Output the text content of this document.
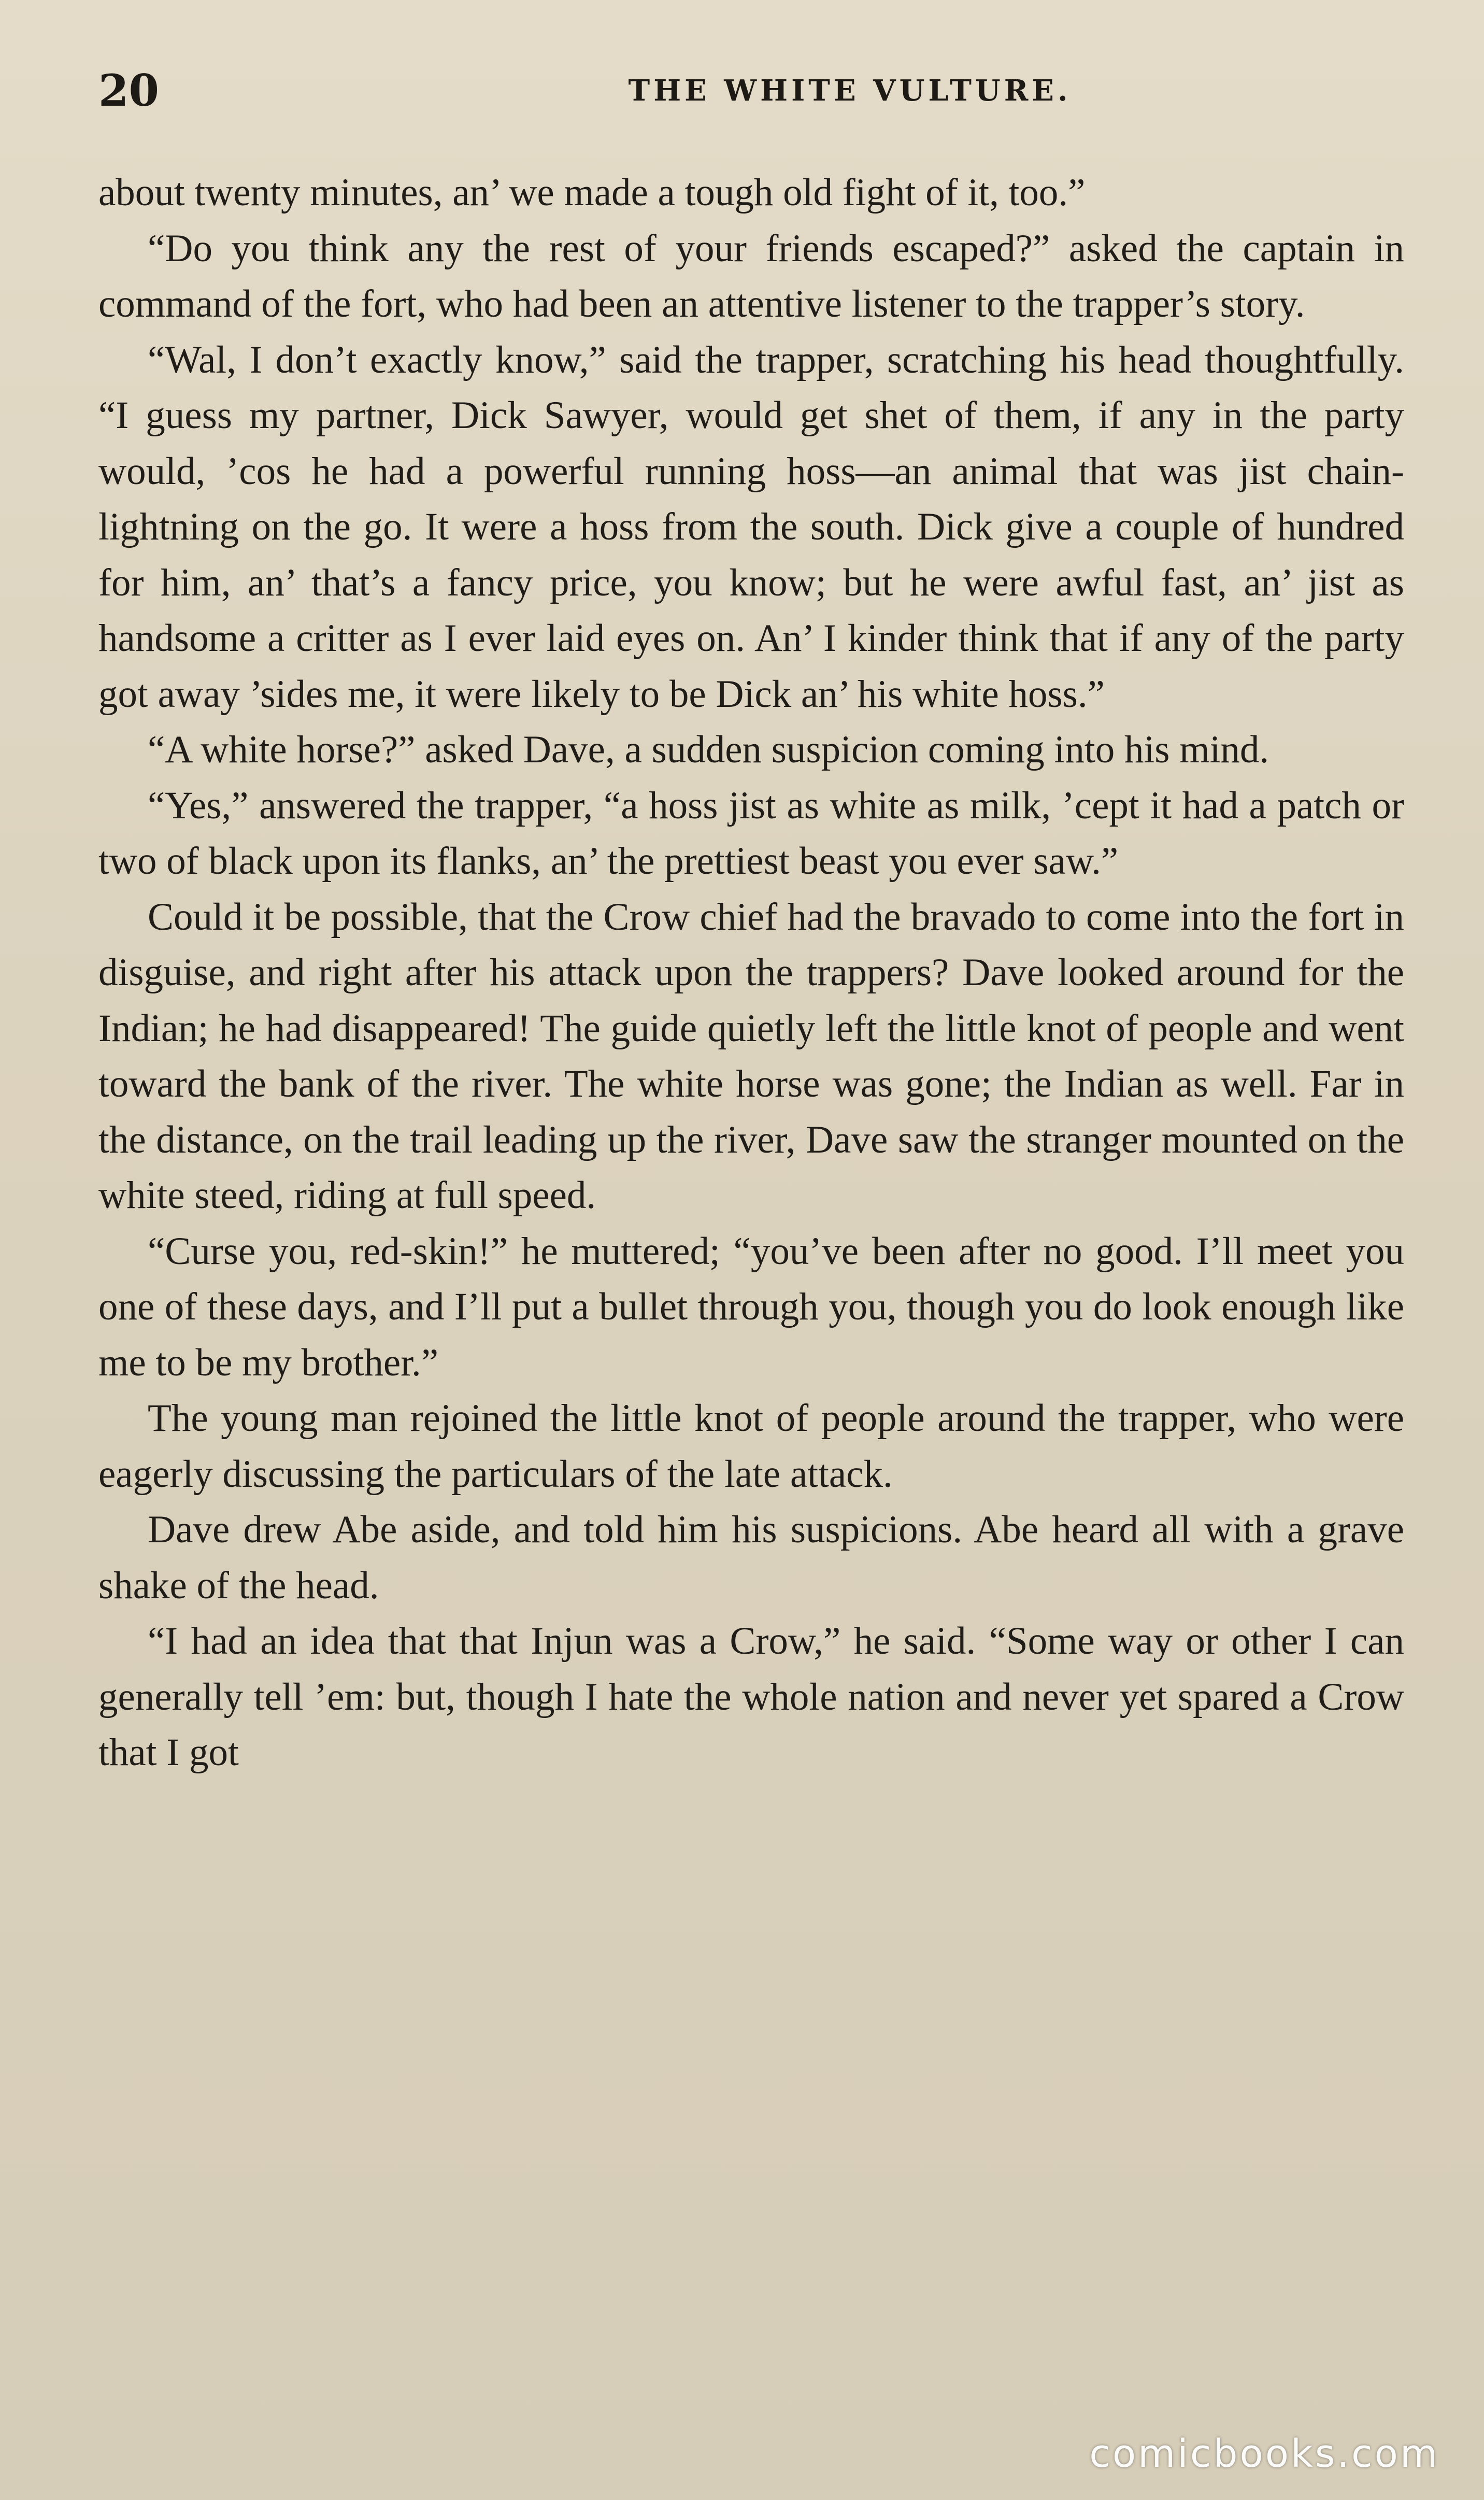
20	THE WHITE VULTURE.

about twenty minutes, an’ we made a tough old fight of it, too.”

“Do you think any the rest of your friends escaped?” asked the captain in command of the fort, who had been an attentive listener to the trapper’s story.

“Wal, I don’t exactly know,” said the trapper, scratching his head thoughtfully. “I guess my partner, Dick Sawyer, would get shet of them, if any in the party would, ’cos he had a powerful running hoss—an animal that was jist chain-lightning on the go. It were a hoss from the south. Dick give a couple of hundred for him, an’ that’s a fancy price, you know; but he were awful fast, an’ jist as handsome a critter as I ever laid eyes on. An’ I kinder think that if any of the party got away ’sides me, it were likely to be Dick an’ his white hoss.”

“A white horse?” asked Dave, a sudden suspicion coming into his mind.

“Yes,” answered the trapper, “a hoss jist as white as milk, ’cept it had a patch or two of black upon its flanks, an’ the prettiest beast you ever saw.”

Could it be possible, that the Crow chief had the bravado to come into the fort in disguise, and right after his attack upon the trappers? Dave looked around for the Indian; he had disappeared! The guide quietly left the little knot of people and went toward the bank of the river. The white horse was gone; the Indian as well. Far in the distance, on the trail leading up the river, Dave saw the stranger mounted on the white steed, riding at full speed.

“Curse you, red-skin!” he muttered; “you’ve been after no good. I’ll meet you one of these days, and I’ll put a bullet through you, though you do look enough like me to be my brother.”

The young man rejoined the little knot of people around the trapper, who were eagerly discussing the particulars of the late attack.

Dave drew Abe aside, and told him his suspicions. Abe heard all with a grave shake of the head.

“I had an idea that that Injun was a Crow,” he said. “Some way or other I can generally tell ’em: but, though I hate the whole nation and never yet spared a Crow that I got

comicbooks.com
